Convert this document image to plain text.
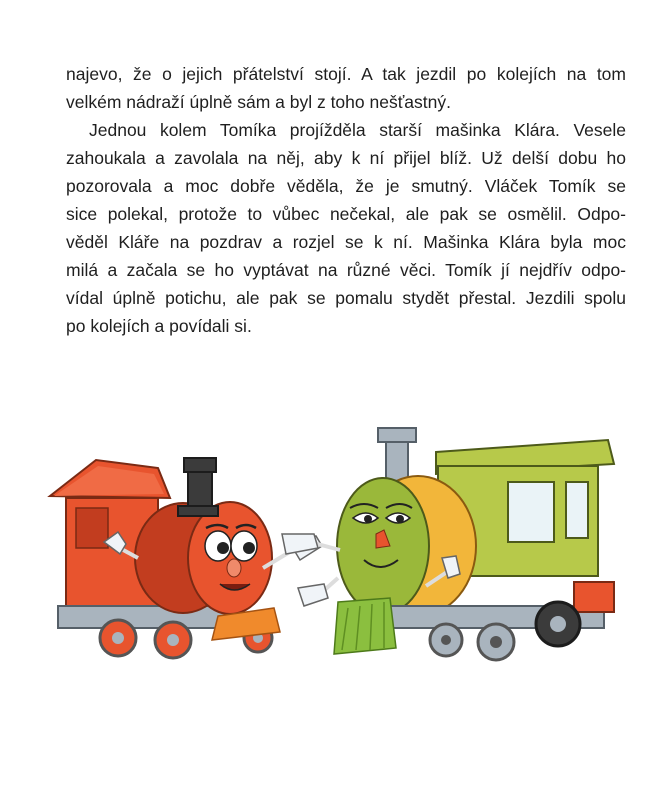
najevo, že o jejich přátelství stojí. A tak jezdil po kolejích na tom
velkém nádraží úplně sám a byl z toho nešťastný.
Jednou kolem Tomíka projížděla starší mašinka Klára. Vesele
zahoukala a zavolala na něj, aby k ní přijel blíž. Už delší dobu ho
pozorovala a moc dobře věděla, že je smutný. Vláček Tomík se
sice polekal, protože to vůbec nečekal, ale pak se osmělil. Odpo-
věděl Kláře na pozdrav a rozjel se k ní. Mašinka Klára byla moc
milá a začala se ho vyptávat na různé věci. Tomík jí nejdřív odpo-
vídal úplně potichu, ale pak se pomalu stydět přestal. Jezdili spolu
po kolejích a povídali si.
